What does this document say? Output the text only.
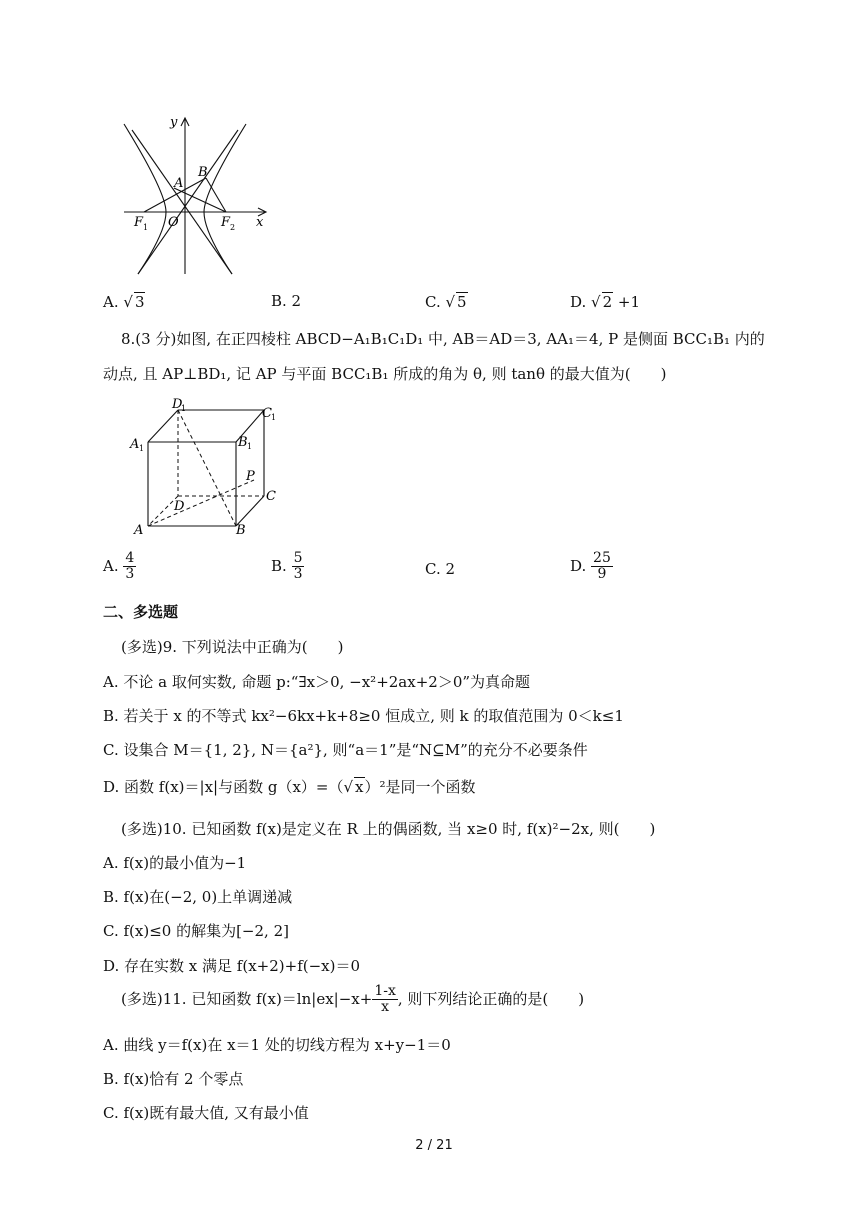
y
x
A
B
O
F 1	F 2
A. √ 3	B. 2	C. √ 5	D. √ 2 +1
8.(3 分)如图, 在正四棱柱 ABCD−A₁B₁C₁D₁ 中, AB＝AD＝3, AA₁＝4, P 是侧面 BCC₁B₁ 内的
动点, 且 AP⊥BD₁, 记 AP 与平面 BCC₁B₁ 所成的角为 θ, 则 tanθ 的最大值为(　　)
D
1	C 1
A 1	B 1
P
D
C
A	B
A. $\frac{4}{3}$	B. $\frac{5}{3}$	C. 2	D. $\frac{25}{9}$
二、多选题
(多选)9. 下列说法中正确为(　　)
A. 不论 a 取何实数, 命题 p:“∃x＞0, −x²+2ax+2＞0”为真命题
B. 若关于 x 的不等式 kx²−6kx+k+8≥0 恒成立, 则 k 的取值范围为 0＜k≤1
C. 设集合 M＝{1, 2}, N＝{a²}, 则“a＝1”是“N⊆M”的充分不必要条件
D. 函数 f(x)＝|x|与函数 g（x）=（√ x）²是同一个函数
(多选)10. 已知函数 f(x)是定义在 R 上的偶函数, 当 x≥0 时, f(x)²−2x, 则(　　)
A. f(x)的最小值为−1
B. f(x)在(−2, 0)上单调递减
C. f(x)≤0 的解集为[−2, 2]
D. 存在实数 x 满足 f(x+2)+f(−x)＝0
(多选)11. 已知函数 $f(x)=\ln|ex|-x+ \frac{1-x}{x}$ , 则下列结论正确的是(　　)
A. 曲线 y＝f(x)在 x＝1 处的切线方程为 x+y−1＝0
B. f(x)恰有 2 个零点
C. f(x)既有最大值, 又有最小值
2 / 21
